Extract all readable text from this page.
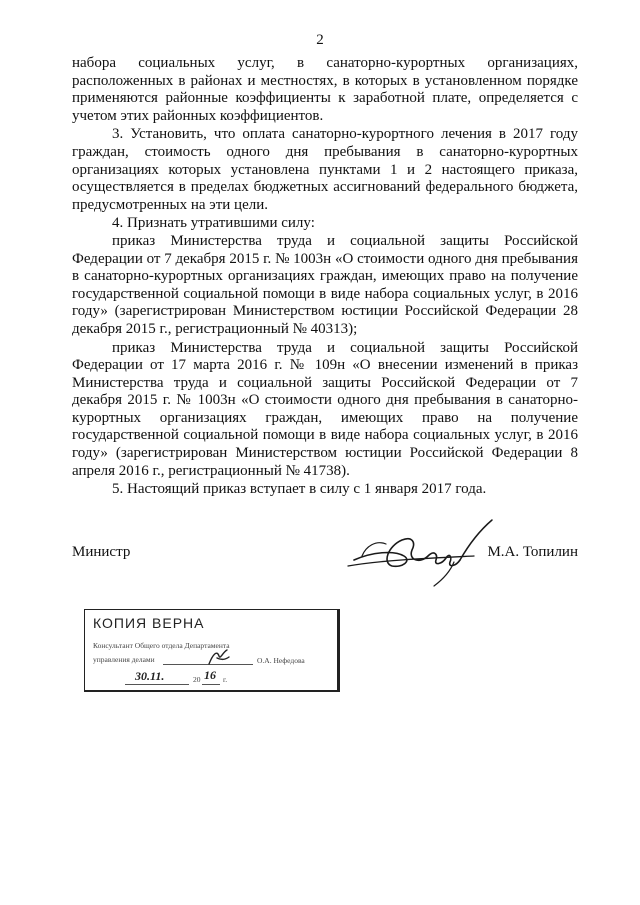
2

набора социальных услуг, в санаторно-курортных организациях, расположенных в районах и местностях, в которых в установленном порядке применяются районные коэффициенты к заработной плате, определяется с учетом этих районных коэффициентов.

3. Установить, что оплата санаторно-курортного лечения в 2017 году граждан, стоимость одного дня пребывания в санаторно-курортных организациях которых установлена пунктами 1 и 2 настоящего приказа, осуществляется в пределах бюджетных ассигнований федерального бюджета, предусмотренных на эти цели.

4. Признать утратившими силу:

приказ Министерства труда и социальной защиты Российской Федерации от 7 декабря 2015 г. № 1003н «О стоимости одного дня пребывания в санаторно-курортных организациях граждан, имеющих право на получение государственной социальной помощи в виде набора социальных услуг, в 2016 году» (зарегистрирован Министерством юстиции Российской Федерации 28 декабря 2015 г., регистрационный № 40313);

приказ Министерства труда и социальной защиты Российской Федерации от 17 марта 2016 г. № 109н «О внесении изменений в приказ Министерства труда и социальной защиты Российской Федерации от 7 декабря 2015 г. № 1003н «О стоимости одного дня пребывания в санаторно-курортных организациях граждан, имеющих право на получение государственной социальной помощи в виде набора социальных услуг, в 2016 году» (зарегистрирован Министерством юстиции Российской Федерации 8 апреля 2016 г., регистрационный № 41738).

5. Настоящий приказ вступает в силу с 1 января 2017 года.

Министр	М.А. Топилин
КОПИЯ ВЕРНА
Консультант Общего отдела Департамента
управления делами	О.А. Нефедова
30.11.	20 16 г.
